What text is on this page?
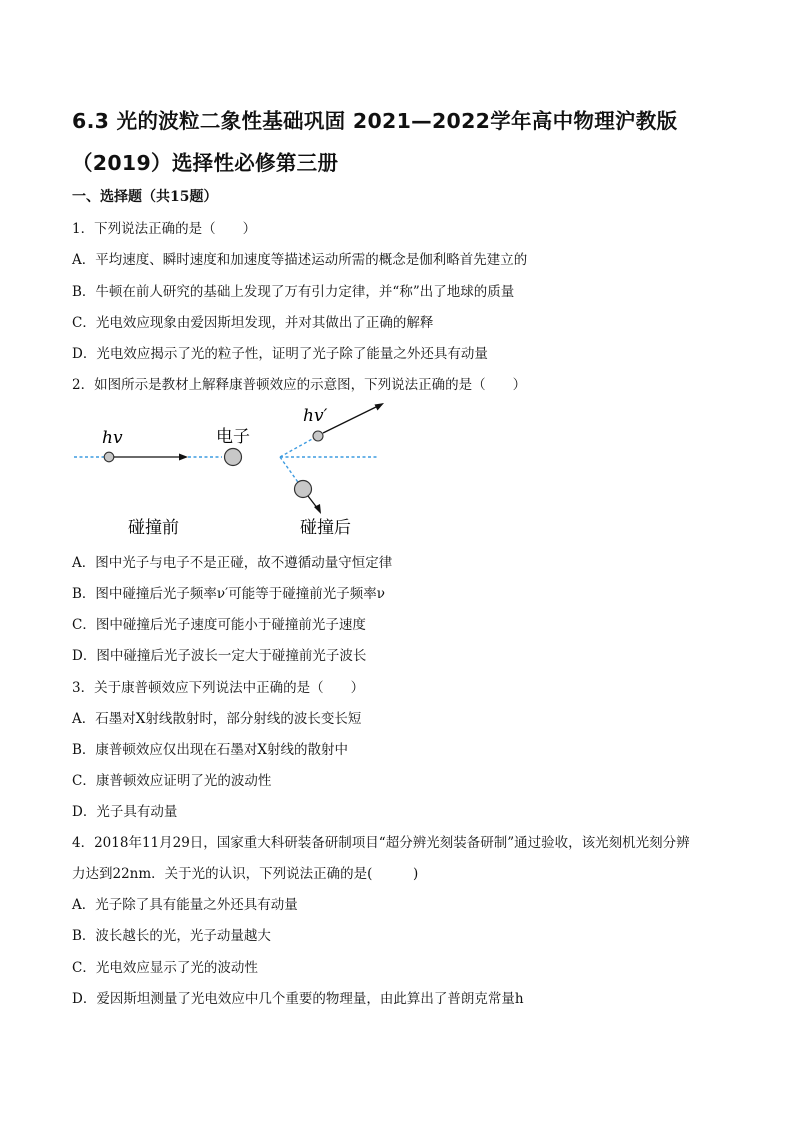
6.3 光的波粒二象性基础巩固 2021—2022学年高中物理沪教版
（2019）选择性必修第三册
一、选择题（共15题）
1．下列说法正确的是（　　）
A．平均速度、瞬时速度和加速度等描述运动所需的概念是伽利略首先建立的
B．牛顿在前人研究的基础上发现了万有引力定律，并“称”出了地球的质量
C．光电效应现象由爱因斯坦发现，并对其做出了正确的解释
D．光电效应揭示了光的粒子性，证明了光子除了能量之外还具有动量
2．如图所示是教材上解释康普顿效应的示意图，下列说法正确的是（　　）
hv	电子
碰撞前
hv′
碰撞后
A．图中光子与电子不是正碰，故不遵循动量守恒定律
B．图中碰撞后光子频率ν′可能等于碰撞前光子频率ν
C．图中碰撞后光子速度可能小于碰撞前光子速度
D．图中碰撞后光子波长一定大于碰撞前光子波长
3．关于康普顿效应下列说法中正确的是（　　）
A．石墨对X射线散射时，部分射线的波长变长短
B．康普顿效应仅出现在石墨对X射线的散射中
C．康普顿效应证明了光的波动性
D．光子具有动量
4．2018年11月29日，国家重大科研装备研制项目“超分辨光刻装备研制”通过验收，该光刻机光刻分辨
力达到22nm．关于光的认识，下列说法正确的是(　　　)
A．光子除了具有能量之外还具有动量
B．波长越长的光，光子动量越大
C．光电效应显示了光的波动性
D．爱因斯坦测量了光电效应中几个重要的物理量，由此算出了普朗克常量h
